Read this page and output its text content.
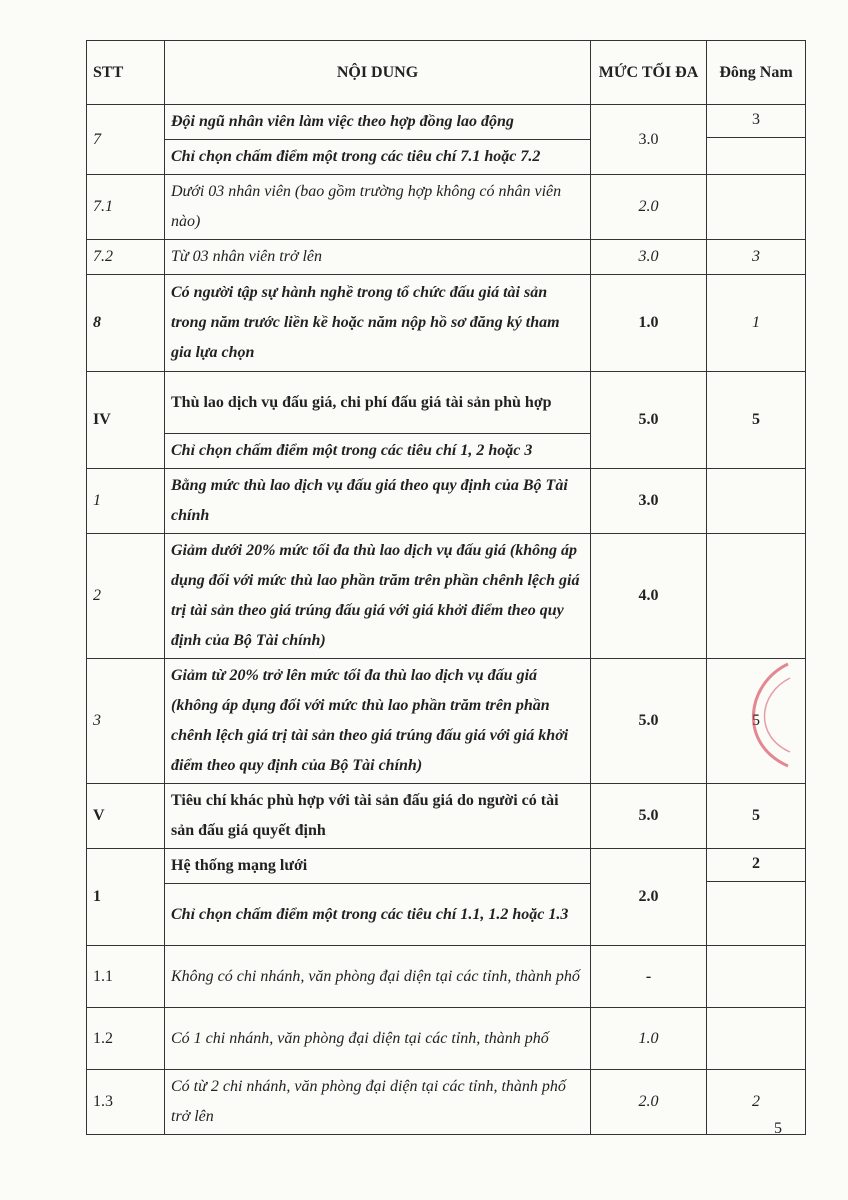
STT	NỘI DUNG	MỨC TỐI ĐA	Đông Nam
7	Đội ngũ nhân viên làm việc theo hợp đồng lao động	3.0	3

	Chỉ chọn chấm điểm một trong các tiêu chí 7.1 hoặc 7.2		
7.1	Dưới 03 nhân viên (bao gồm trường hợp không có nhân viên nào)	2.0	
7.2	Từ 03 nhân viên trở lên	3.0	3
8	Có người tập sự hành nghề trong tổ chức đấu giá tài sản trong năm trước liền kề hoặc năm nộp hồ sơ đăng ký tham gia lựa chọn	1.0	1
IV	Thù lao dịch vụ đấu giá, chi phí đấu giá tài sản phù hợp	5.0	5
	Chỉ chọn chấm điểm một trong các tiêu chí 1, 2 hoặc 3		
1	Bằng mức thù lao dịch vụ đấu giá theo quy định của Bộ Tài chính	3.0	
2	Giảm dưới 20% mức tối đa thù lao dịch vụ đấu giá (không áp dụng đối với mức thù lao phần trăm trên phần chênh lệch giá trị tài sản theo giá trúng đấu giá với giá khởi điểm theo quy định của Bộ Tài chính)	4.0	
3	Giảm từ 20% trở lên mức tối đa thù lao dịch vụ đấu giá (không áp dụng đối với mức thù lao phần trăm trên phần chênh lệch giá trị tài sản theo giá trúng đấu giá với giá khởi điểm theo quy định của Bộ Tài chính)	5.0	5
V	Tiêu chí khác phù hợp với tài sản đấu giá do người có tài sản đấu giá quyết định	5.0	5
1	Hệ thống mạng lưới	2.0	2

	Chỉ chọn chấm điểm một trong các tiêu chí 1.1, 1.2 hoặc 1.3		
1.1	Không có chi nhánh, văn phòng đại diện tại các tỉnh, thành phố	-	
1.2	Có 1 chi nhánh, văn phòng đại diện tại các tỉnh, thành phố	1.0	
1.3	Có từ 2 chi nhánh, văn phòng đại diện tại các tỉnh, thành phố trở lên	2.0	2
5
